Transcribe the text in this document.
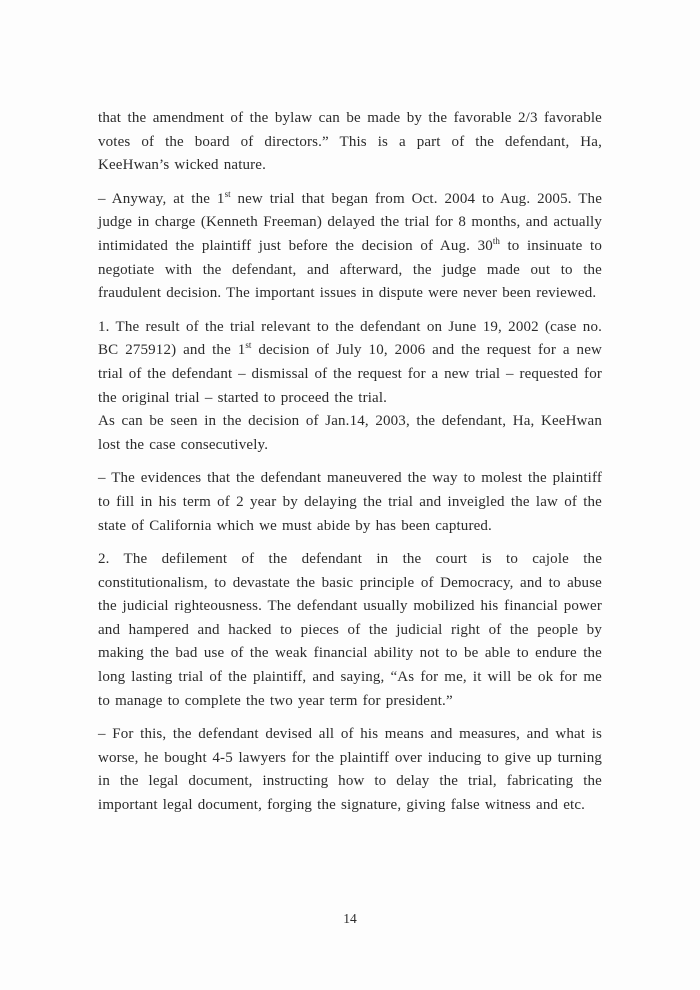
that the amendment of the bylaw can be made by the favorable 2/3 favorable votes of the board of directors.” This is a part of the defendant, Ha, KeeHwan’s wicked nature.

– Anyway, at the 1st new trial that began from Oct. 2004 to Aug. 2005. The judge in charge (Kenneth Freeman) delayed the trial for 8 months, and actually intimidated the plaintiff just before the decision of Aug. 30th to insinuate to negotiate with the defendant, and afterward, the judge made out to the fraudulent decision. The important issues in dispute were never been reviewed.

1. The result of the trial relevant to the defendant on June 19, 2002 (case no. BC 275912) and the 1st decision of July 10, 2006 and the request for a new trial of the defendant – dismissal of the request for a new trial – requested for the original trial – started to proceed the trial.
As can be seen in the decision of Jan.14, 2003, the defendant, Ha, KeeHwan lost the case consecutively.

– The evidences that the defendant maneuvered the way to molest the plaintiff to fill in his term of 2 year by delaying the trial and inveigled the law of the state of California which we must abide by has been captured.

2. The defilement of the defendant in the court is to cajole the constitutionalism, to devastate the basic principle of Democracy, and to abuse the judicial righteousness. The defendant usually mobilized his financial power and hampered and hacked to pieces of the judicial right of the people by making the bad use of the weak financial ability not to be able to endure the long lasting trial of the plaintiff, and saying, “As for me, it will be ok for me to manage to complete the two year term for president.”

– For this, the defendant devised all of his means and measures, and what is worse, he bought 4-5 lawyers for the plaintiff over inducing to give up turning in the legal document, instructing how to delay the trial, fabricating the important legal document, forging the signature, giving false witness and etc.

14
